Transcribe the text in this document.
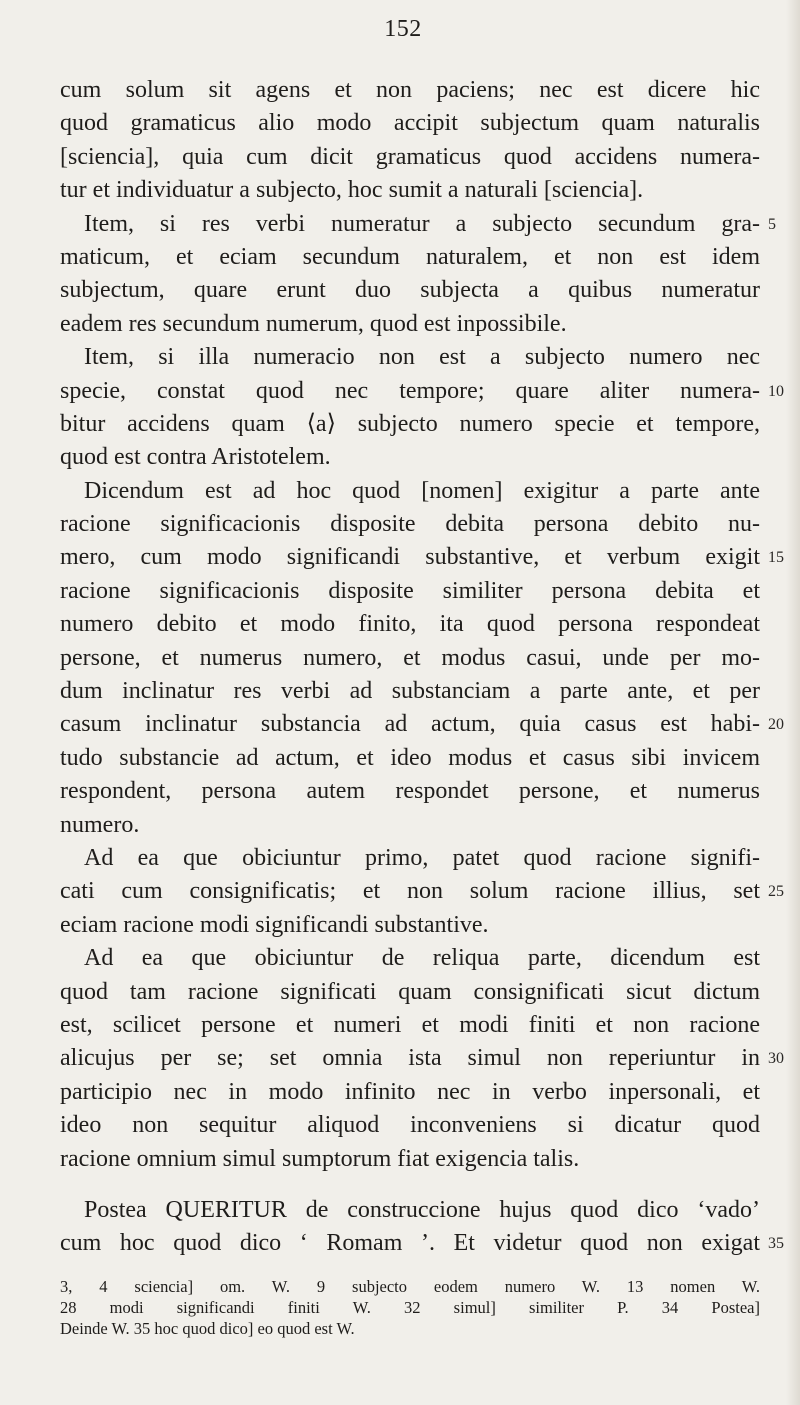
152
cum solum sit agens et non paciens; nec est dicere hic
quod gramaticus alio modo accipit subjectum quam naturalis
[sciencia], quia cum dicit gramaticus quod accidens numera-
tur et individuatur a subjecto, hoc sumit a naturali [sciencia].
Item, si res verbi numeratur a subjecto secundum gra- 5
maticum, et eciam secundum naturalem, et non est idem
subjectum, quare erunt duo subjecta a quibus numeratur
eadem res secundum numerum, quod est inpossibile.
Item, si illa numeracio non est a subjecto numero nec
specie, constat quod nec tempore; quare aliter numera- 10
bitur accidens quam ⟨a⟩ subjecto numero specie et tempore,
quod est contra Aristotelem.
Dicendum est ad hoc quod [nomen] exigitur a parte ante
racione significacionis disposite debita persona debito nu-
mero, cum modo significandi substantive, et verbum exigit 15
racione significacionis disposite similiter persona debita et
numero debito et modo finito, ita quod persona respondeat
persone, et numerus numero, et modus casui, unde per mo-
dum inclinatur res verbi ad substanciam a parte ante, et per
casum inclinatur substancia ad actum, quia casus est habi- 20
tudo substancie ad actum, et ideo modus et casus sibi invicem
respondent, persona autem respondet persone, et numerus
numero.
Ad ea que obiciuntur primo, patet quod racione signifi-
cati cum consignificatis; et non solum racione illius, set 25
eciam racione modi significandi substantive.
Ad ea que obiciuntur de reliqua parte, dicendum est
quod tam racione significati quam consignificati sicut dictum
est, scilicet persone et numeri et modi finiti et non racione
alicujus per se; set omnia ista simul non reperiuntur in 30
participio nec in modo infinito nec in verbo inpersonali, et
ideo non sequitur aliquod inconveniens si dicatur quod
racione omnium simul sumptorum fiat exigencia talis.
Postea QUERITUR de construccione hujus quod dico ‘vado’
cum hoc quod dico ‘ Romam ’. Et videtur quod non exigat 35
3, 4 sciencia] om. W. 9 subjecto eodem numero W. 13 nomen W.
28 modi significandi finiti W. 32 simul] similiter P. 34 Postea]
Deinde W. 35 hoc quod dico] eo quod est W.
